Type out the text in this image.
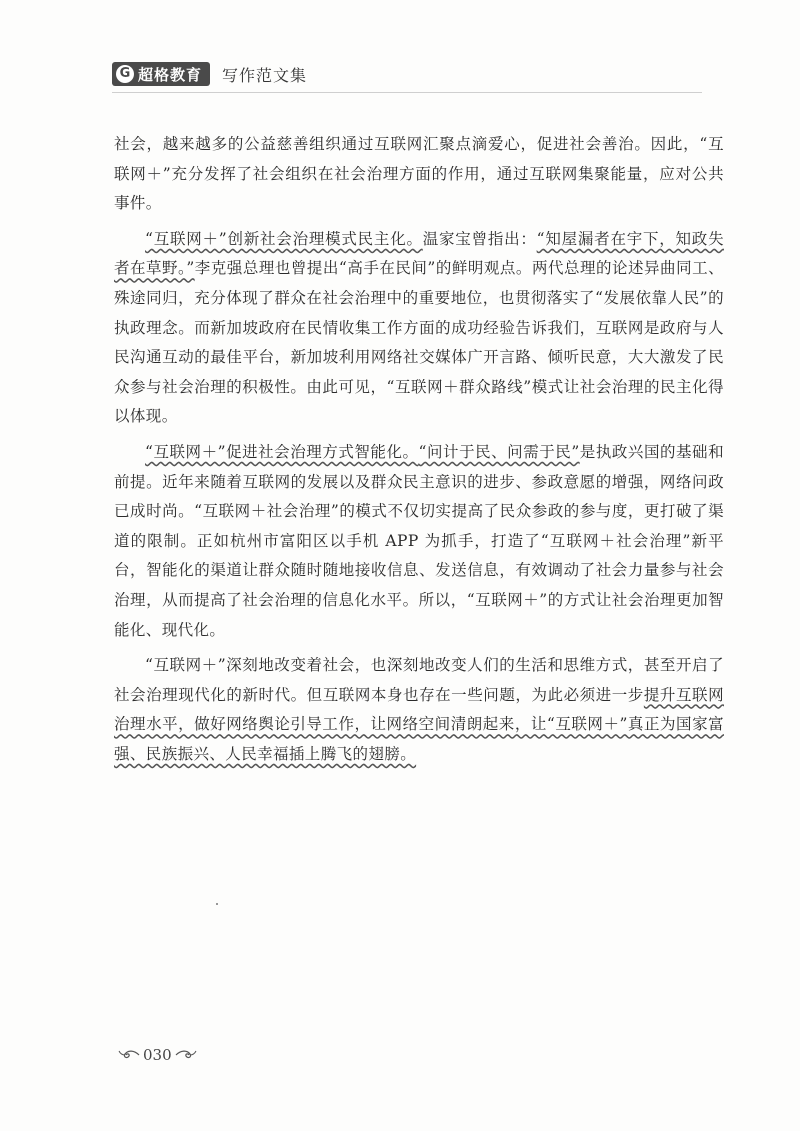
G 超格教育 写作范文集

社会，越来越多的公益慈善组织通过互联网汇聚点滴爱心，促进社会善治。因此，“互联网＋”充分发挥了社会组织在社会治理方面的作用，通过互联网集聚能量，应对公共事件。

“互联网＋”创新社会治理模式民主化。温家宝曾指出：“知屋漏者在宇下，知政失者在草野。”李克强总理也曾提出“高手在民间”的鲜明观点。两代总理的论述异曲同工、殊途同归，充分体现了群众在社会治理中的重要地位，也贯彻落实了“发展依靠人民”的执政理念。而新加坡政府在民情收集工作方面的成功经验告诉我们，互联网是政府与人民沟通互动的最佳平台，新加坡利用网络社交媒体广开言路、倾听民意，大大激发了民众参与社会治理的积极性。由此可见，“互联网＋群众路线”模式让社会治理的民主化得以体现。

“互联网＋”促进社会治理方式智能化。“问计于民、问需于民”是执政兴国的基础和前提。近年来随着互联网的发展以及群众民主意识的进步、参政意愿的增强，网络问政已成时尚。“互联网＋社会治理”的模式不仅切实提高了民众参政的参与度，更打破了渠道的限制。正如杭州市富阳区以手机 APP 为抓手，打造了“互联网＋社会治理”新平台，智能化的渠道让群众随时随地接收信息、发送信息，有效调动了社会力量参与社会治理，从而提高了社会治理的信息化水平。所以，“互联网＋”的方式让社会治理更加智能化、现代化。

“互联网＋”深刻地改变着社会，也深刻地改变人们的生活和思维方式，甚至开启了社会治理现代化的新时代。但互联网本身也存在一些问题，为此必须进一步提升互联网治理水平，做好网络舆论引导工作，让网络空间清朗起来，让“互联网＋”真正为国家富强、民族振兴、人民幸福插上腾飞的翅膀。

030
